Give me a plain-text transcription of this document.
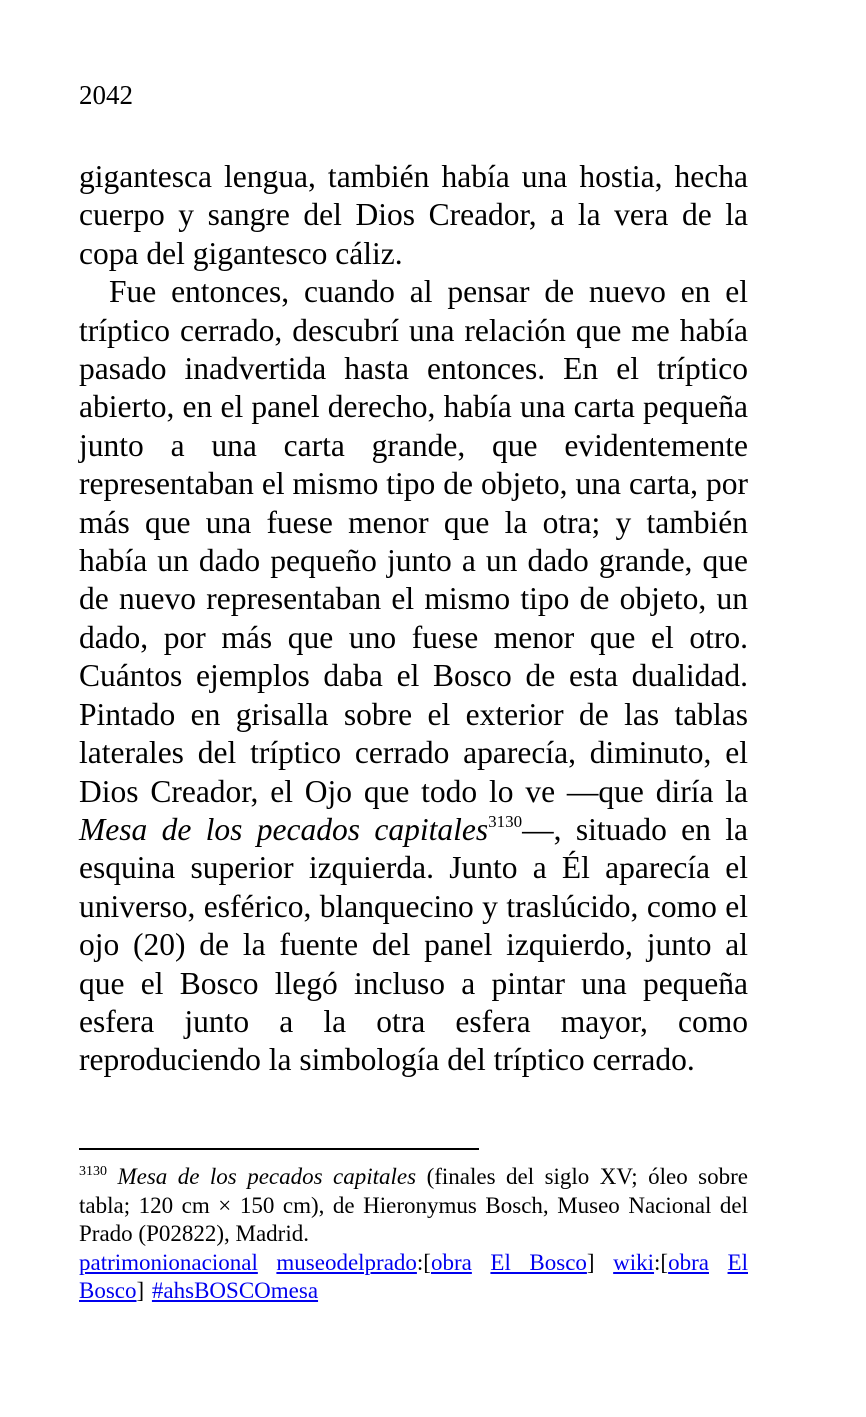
2042

gigantesca lengua, también había una hostia, hecha cuerpo y sangre del Dios Creador, a la vera de la copa del gigantesco cáliz.

Fue entonces, cuando al pensar de nuevo en el tríptico cerrado, descubrí una relación que me había pasado inadvertida hasta entonces. En el tríptico abierto, en el panel derecho, había una carta pequeña junto a una carta grande, que evidentemente representaban el mismo tipo de objeto, una carta, por más que una fuese menor que la otra; y también había un dado pequeño junto a un dado grande, que de nuevo representaban el mismo tipo de objeto, un dado, por más que uno fuese menor que el otro. Cuántos ejemplos daba el Bosco de esta dualidad. Pintado en grisalla sobre el exterior de las tablas laterales del tríptico cerrado aparecía, diminuto, el Dios Creador, el Ojo que todo lo ve —que diría la Mesa de los pecados capitales$^{3130}$—, situado en la esquina superior izquierda. Junto a Él aparecía el universo, esférico, blanquecino y traslúcido, como el ojo (20) de la fuente del panel izquierdo, junto al que el Bosco llegó incluso a pintar una pequeña esfera junto a la otra esfera mayor, como reproduciendo la simbología del tríptico cerrado.

$^{3130}$ Mesa de los pecados capitales (finales del siglo XV; óleo sobre tabla; 120 cm × 150 cm), de Hieronymus Bosch, Museo Nacional del Prado (P02822), Madrid.

patrimonionacional museodelprado:[obra El Bosco] wiki:[obra El Bosco] #ahsBOSCOmesa
